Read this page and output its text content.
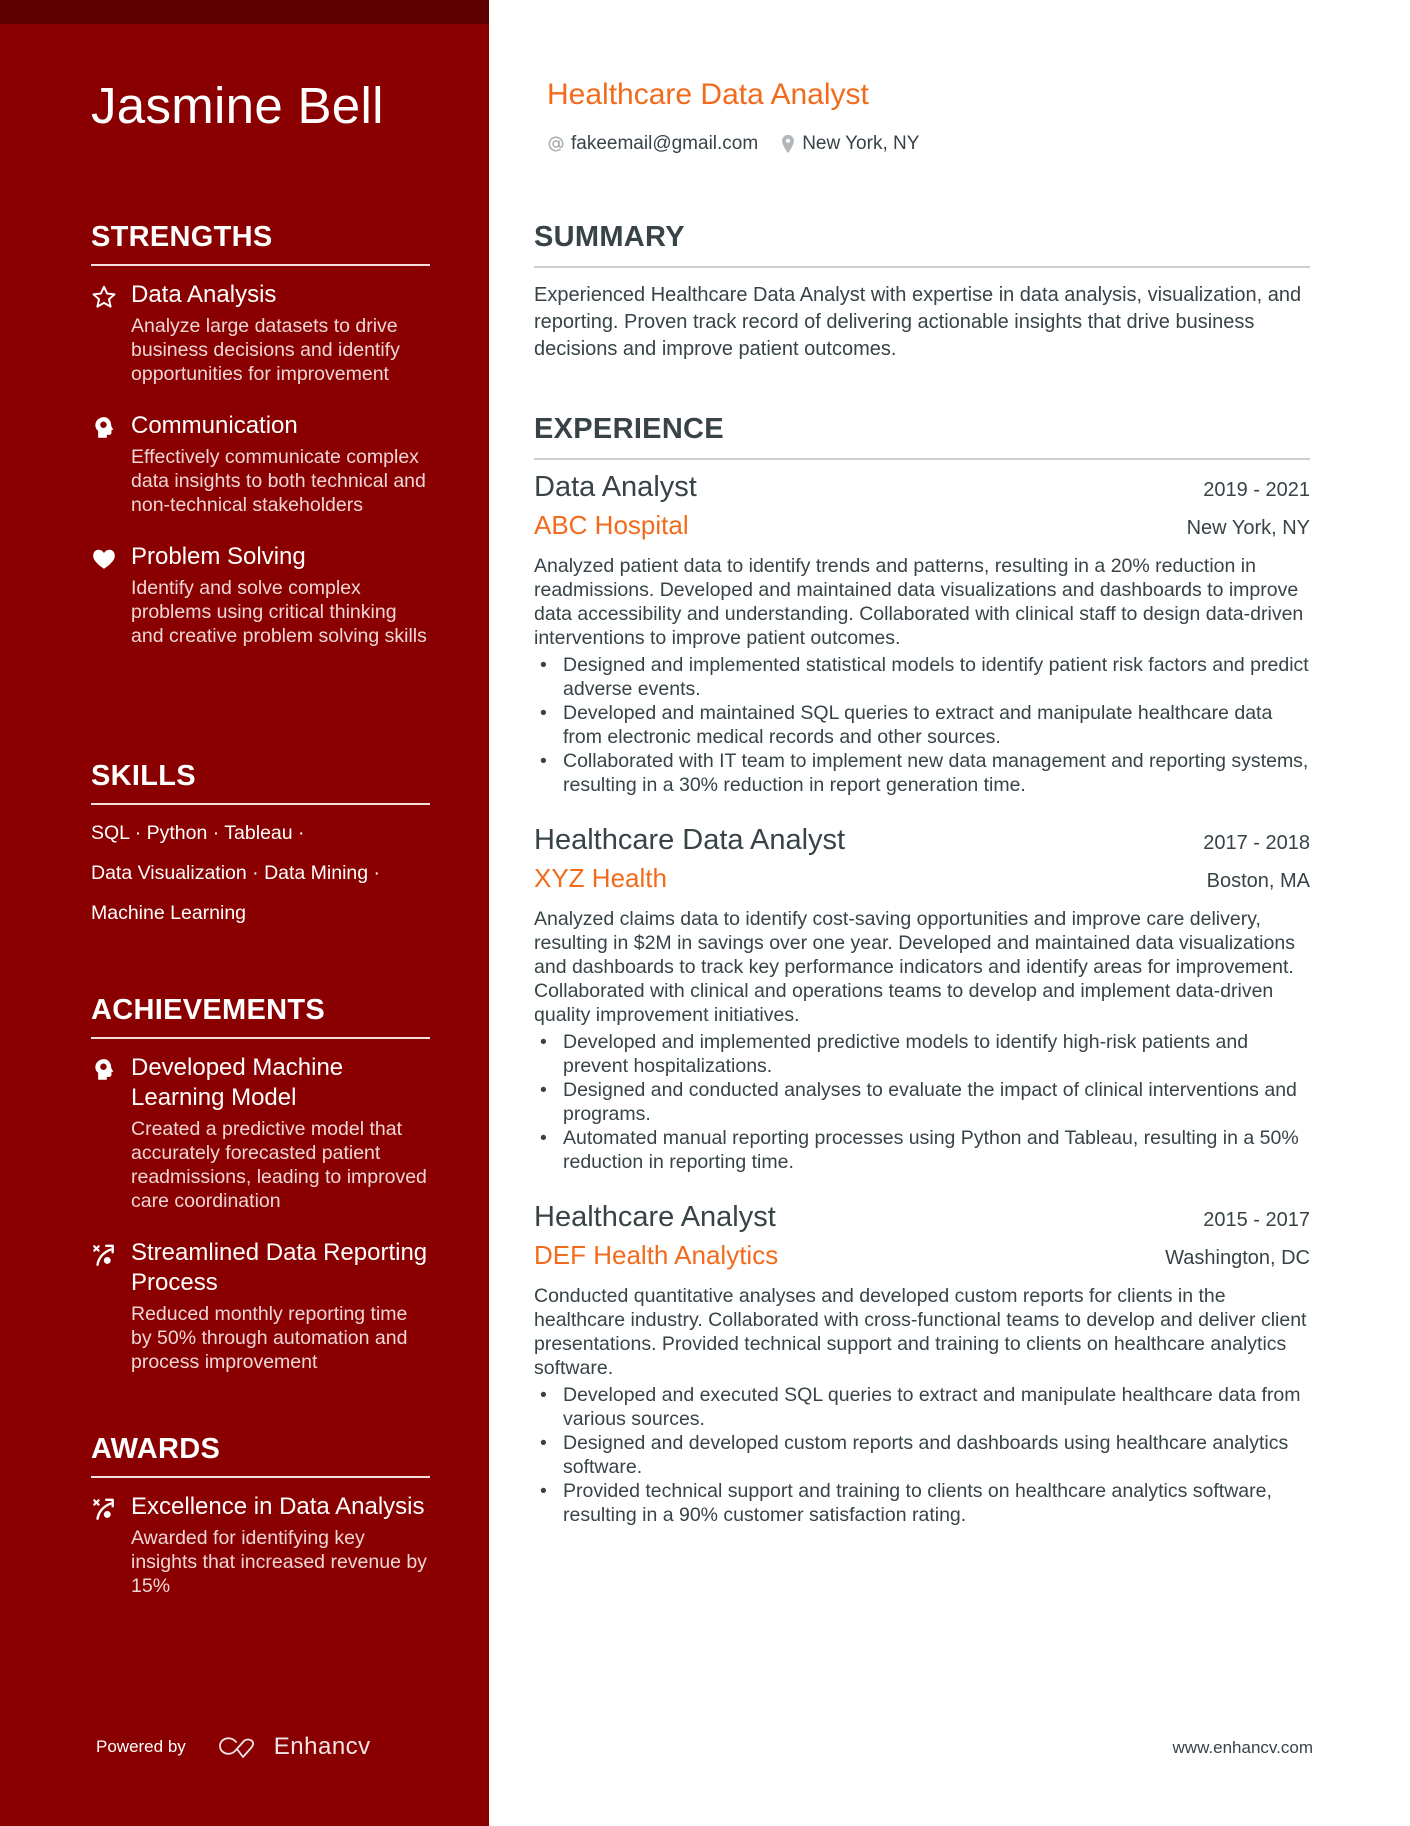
Jasmine Bell
STRENGTHS
Data Analysis
Analyze large datasets to drive business decisions and identify opportunities for improvement
Communication
Effectively communicate complex data insights to both technical and non-technical stakeholders
Problem Solving
Identify and solve complex problems using critical thinking and creative problem solving skills
SKILLS
SQL · Python · Tableau ·
Data Visualization · Data Mining ·
Machine Learning
ACHIEVEMENTS
Developed Machine Learning Model
Created a predictive model that accurately forecasted patient readmissions, leading to improved care coordination
Streamlined Data Reporting Process
Reduced monthly reporting time by 50% through automation and process improvement
AWARDS
Excellence in Data Analysis
Awarded for identifying key insights that increased revenue by 15%
Powered by	Enhancv
Healthcare Data Analyst
fakeemail@gmail.com New York, NY
SUMMARY

Experienced Healthcare Data Analyst with expertise in data analysis, visualization, and reporting. Proven track record of delivering actionable insights that drive business decisions and improve patient outcomes.

EXPERIENCE
Data Analyst	2019 - 2021
ABC Hospital	New York, NY

Analyzed patient data to identify trends and patterns, resulting in a 20% reduction in readmissions. Developed and maintained data visualizations and dashboards to improve data accessibility and understanding. Collaborated with clinical staff to design data-driven interventions to improve patient outcomes.

• Designed and implemented statistical models to identify patient risk factors and predict adverse events.
• Developed and maintained SQL queries to extract and manipulate healthcare data from electronic medical records and other sources.
• Collaborated with IT team to implement new data management and reporting systems, resulting in a 30% reduction in report generation time.
Healthcare Data Analyst	2017 - 2018
XYZ Health	Boston, MA

Analyzed claims data to identify cost-saving opportunities and improve care delivery, resulting in $2M in savings over one year. Developed and maintained data visualizations and dashboards to track key performance indicators and identify areas for improvement. Collaborated with clinical and operations teams to develop and implement data-driven quality improvement initiatives.

• Developed and implemented predictive models to identify high-risk patients and prevent hospitalizations.
• Designed and conducted analyses to evaluate the impact of clinical interventions and programs.
• Automated manual reporting processes using Python and Tableau, resulting in a 50% reduction in reporting time.
Healthcare Analyst	2015 - 2017
DEF Health Analytics	Washington, DC

Conducted quantitative analyses and developed custom reports for clients in the healthcare industry. Collaborated with cross-functional teams to develop and deliver client presentations. Provided technical support and training to clients on healthcare analytics software.

• Developed and executed SQL queries to extract and manipulate healthcare data from various sources.
• Designed and developed custom reports and dashboards using healthcare analytics software.
• Provided technical support and training to clients on healthcare analytics software, resulting in a 90% customer satisfaction rating.
www.enhancv.com
